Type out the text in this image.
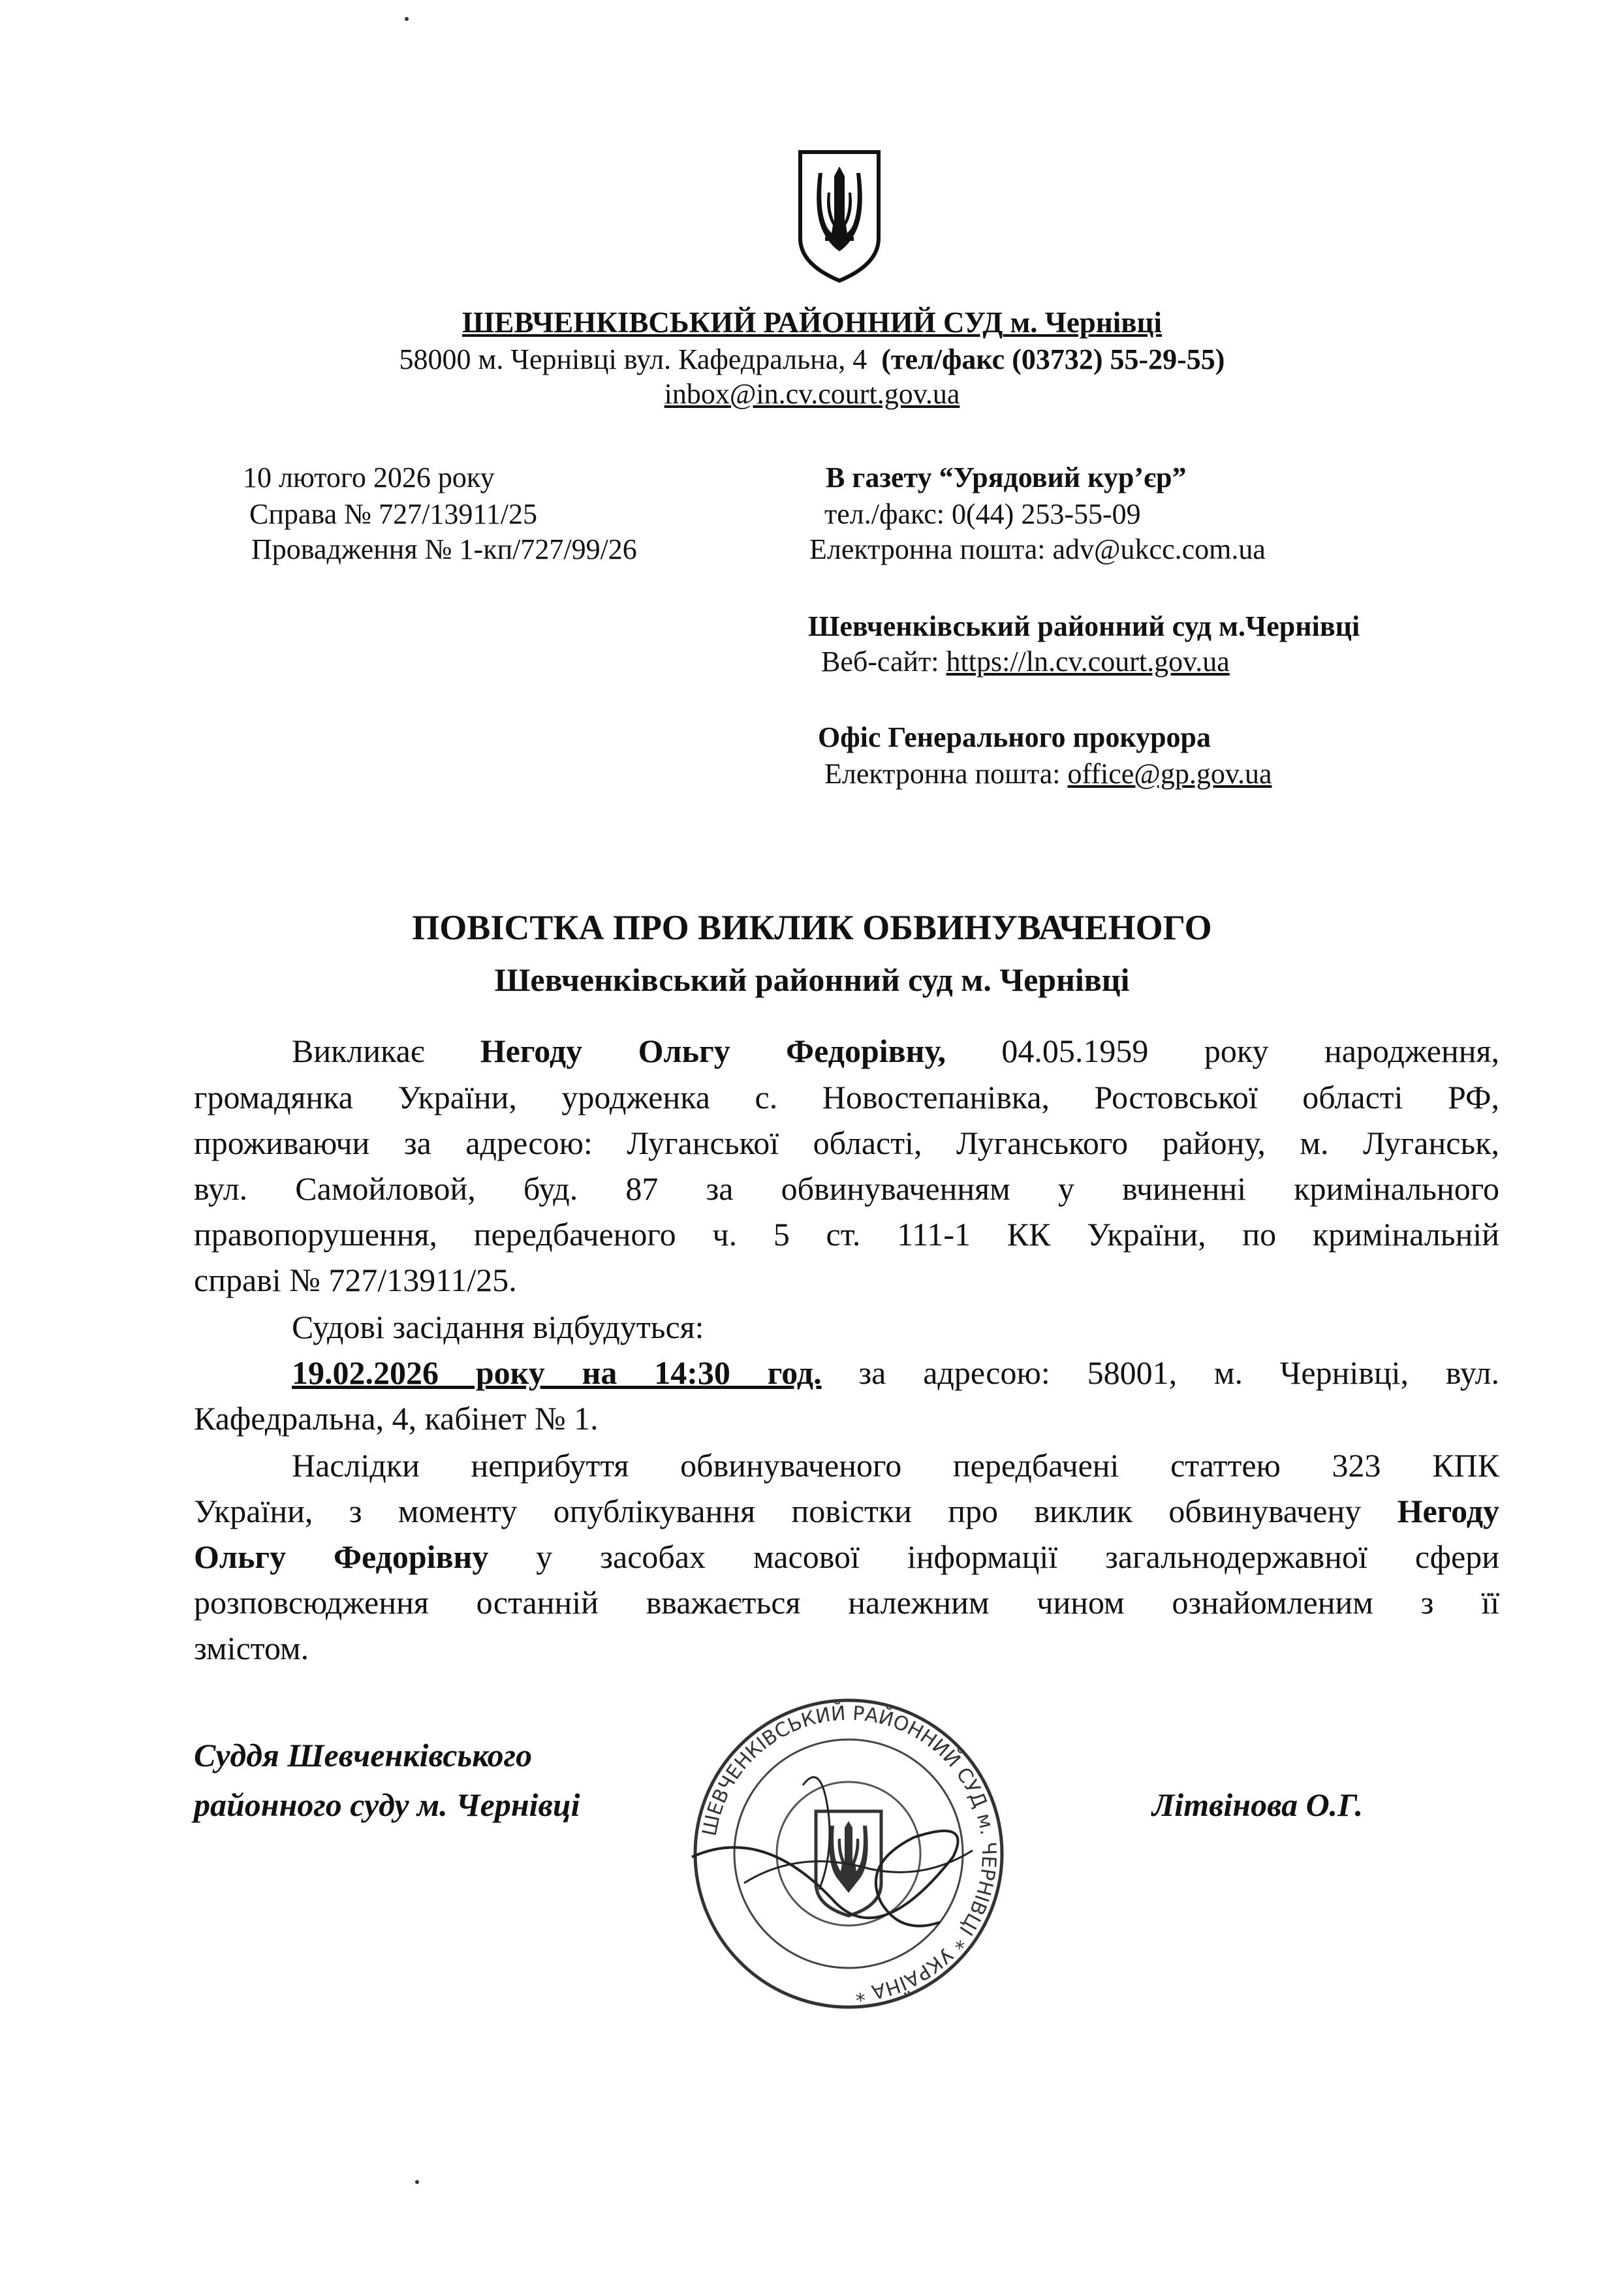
ШЕВЧЕНКІВСЬКИЙ РАЙОННИЙ СУД м. Чернівці
58000 м. Чернівці вул. Кафедральна, 4 (тел/факс (03732) 55-29-55)
inbox@in.cv.court.gov.ua
10 лютого 2026 року
Справа № 727/13911/25
Провадження № 1-кп/727/99/26
В газету “Урядовий кур’єр”
тел./факс: 0(44) 253-55-09
Електронна пошта: adv@ukcc.com.ua
Шевченківський районний суд м.Чернівці
Веб-сайт: https://ln.cv.court.gov.ua
Офіс Генерального прокурора
Електронна пошта: office@gp.gov.ua
ПОВІСТКА ПРО ВИКЛИК ОБВИНУВАЧЕНОГО
Шевченківський районний суд м. Чернівці
Викликає Негоду Ольгу Федорівну, 04.05.1959 року народження,
громадянка України, уродженка с. Новостепанівка, Ростовської області РФ,
проживаючи за адресою: Луганської області, Луганського району, м. Луганськ,
вул. Самойловой, буд. 87 за обвинуваченням у вчиненні кримінального
правопорушення, передбаченого ч. 5 ст. 111-1 КК України, по кримінальній
справі № 727/13911/25.
Судові засідання відбудуться:
19.02.2026 року на 14:30 год. за адресою: 58001, м. Чернівці, вул.
Кафедральна, 4, кабінет № 1.
Наслідки неприбуття обвинуваченого передбачені статтею 323 КПК
України, з моменту опублікування повістки про виклик обвинувачену Негоду
Ольгу Федорівну у засобах масової інформації загальнодержавної сфери
розповсюдження останній вважається належним чином ознайомленим з її
змістом.
Суддя Шевченківського
районного суду м. Чернівці	Літвінова О.Г.
ШЕВЧЕНКІВСЬКИЙ РАЙОННИЙ СУД м. ЧЕРНІВЦІ * УКРАЇНА *
